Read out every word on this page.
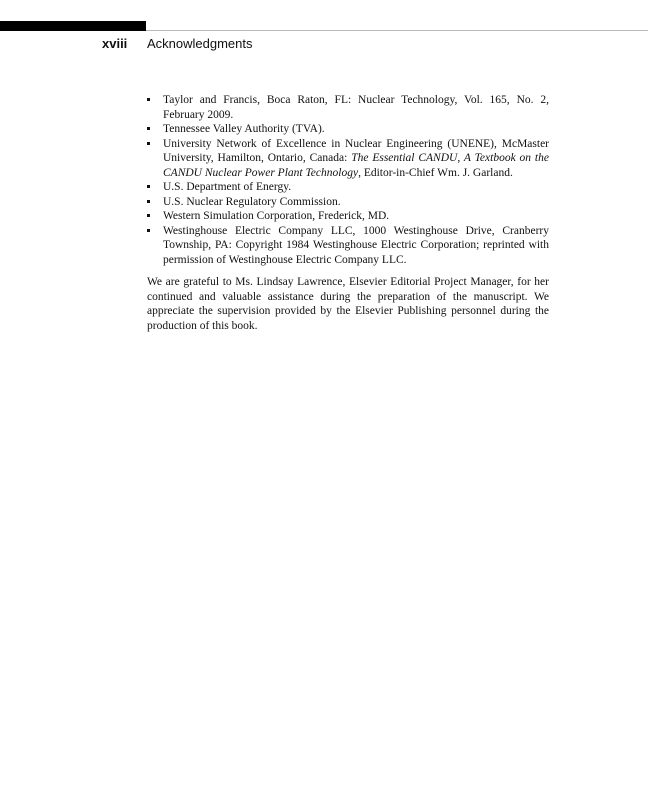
xviii Acknowledgments
Taylor and Francis, Boca Raton, FL: Nuclear Technology, Vol. 165, No. 2, February 2009.
Tennessee Valley Authority (TVA).
University Network of Excellence in Nuclear Engineering (UNENE), McMaster University, Hamilton, Ontario, Canada: The Essential CANDU, A Textbook on the CANDU Nuclear Power Plant Technology, Editor-in-Chief Wm. J. Garland.
U.S. Department of Energy.
U.S. Nuclear Regulatory Commission.
Western Simulation Corporation, Frederick, MD.
Westinghouse Electric Company LLC, 1000 Westinghouse Drive, Cranberry Township, PA: Copyright 1984 Westinghouse Electric Corporation; reprinted with permission of Westinghouse Electric Company LLC.

We are grateful to Ms. Lindsay Lawrence, Elsevier Editorial Project Manager, for her continued and valuable assistance during the preparation of the manuscript. We appreciate the supervision provided by the Elsevier Publishing personnel during the production of this book.
